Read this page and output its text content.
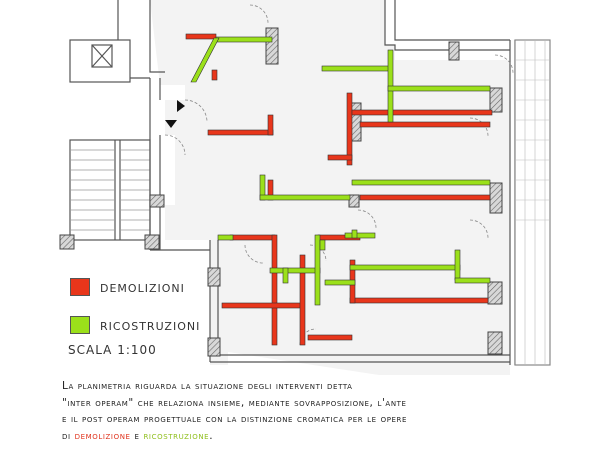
DEMOLIZIONI
RICOSTRUZIONI
SCALA 1:100

La planimetria riguarda la situazione degli interventi detta

"inter operam" che relaziona insieme, mediante sovrapposizione, l'ante

e il post operam progettuale con la distinzione cromatica per le opere

di demolizione e ricostruzione.
